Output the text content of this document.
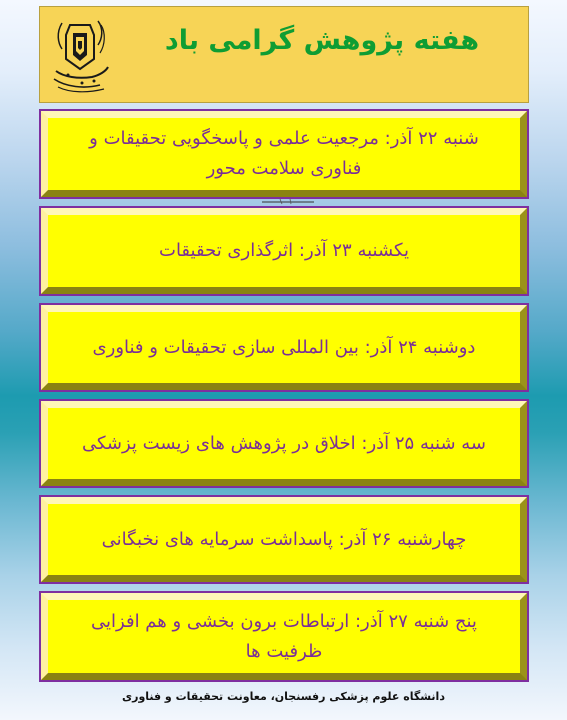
هفته پژوهش گرامی باد
شنبه ۲۲ آذر: مرجعیت علمی و پاسخگویی تحقیقات و فناوری سلامت محور
یکشنبه ۲۳ آذر: اثرگذاری تحقیقات
دوشنبه ۲۴ آذر: بین المللی سازی تحقیقات و فناوری
سه شنبه ۲۵ آذر: اخلاق در پژوهش های زیست پزشکی
چهارشنبه ۲۶ آذر: پاسداشت سرمایه های نخبگانی
پنج شنبه ۲۷ آذر: ارتباطات برون بخشی و هم افزایی ظرفیت ها
دانشگاه علوم پزشکی رفسنجان، معاونت تحقیقات و فناوری
